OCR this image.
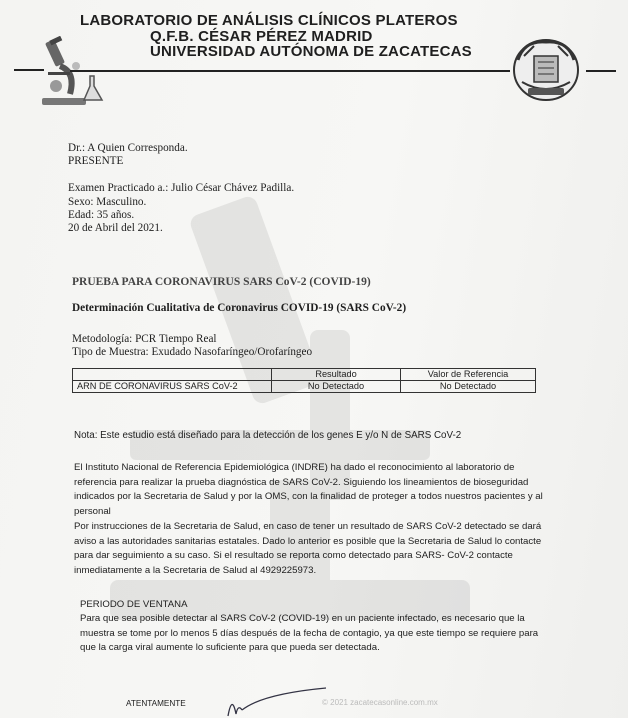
LABORATORIO DE ANÁLISIS CLÍNICOS PLATEROS
Q.F.B. CÉSAR PÉREZ MADRID
UNIVERSIDAD AUTÓNOMA DE ZACATECAS
Dr.: A Quien Corresponda.
PRESENTE
Examen Practicado a.: Julio César Chávez Padilla.
Sexo: Masculino.
Edad: 35 años.
20 de Abril del 2021.
PRUEBA PARA CORONAVIRUS SARS CoV-2 (COVID-19)
Determinación Cualitativa de Coronavirus COVID-19 (SARS CoV-2)
Metodología: PCR Tiempo Real
Tipo de Muestra: Exudado Nasofaríngeo/Orofaríngeo
	Resultado	Valor de Referencia
ARN DE CORONAVIRUS SARS CoV-2	No Detectado	No Detectado
Nota: Este estudio está diseñado para la detección de los genes E y/o N de SARS CoV-2
El Instituto Nacional de Referencia Epidemiológica (INDRE) ha dado el reconocimiento al laboratorio de referencia para realizar la prueba diagnóstica de SARS CoV-2. Siguiendo los lineamientos de bioseguridad indicados por la Secretaria de Salud y por la OMS, con la finalidad de proteger a todos nuestros pacientes y al personal
Por instrucciones de la Secretaria de Salud, en caso de tener un resultado de SARS CoV-2 detectado se dará aviso a las autoridades sanitarias estatales. Dado lo anterior es posible que la Secretaria de Salud lo contacte para dar seguimiento a su caso. Si el resultado se reporta como detectado para SARS- CoV-2 contacte inmediatamente a la Secretaria de Salud al 4929225973.
PERIODO DE VENTANA
Para que sea posible detectar al SARS CoV-2 (COVID-19) en un paciente infectado, es necesario que la muestra se tome por lo menos 5 días después de la fecha de contagio, ya que este tiempo se requiere para que la carga viral aumente lo suficiente para que pueda ser detectada.
ATENTAMENTE	© 2021 zacatecasonline.com.mx
